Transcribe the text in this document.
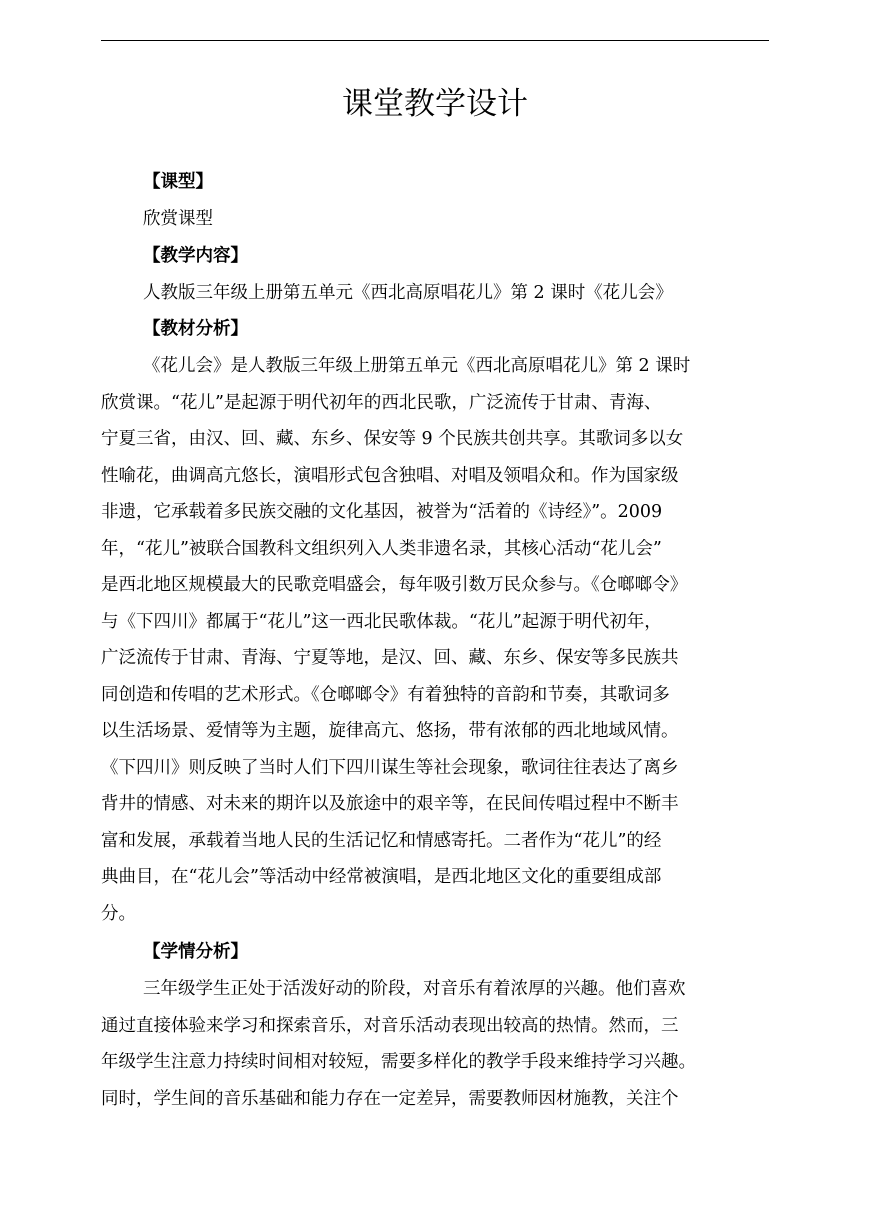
课堂教学设计
【课型】
欣赏课型
【教学内容】
人教版三年级上册第五单元《西北高原唱花儿》第 2 课时《花儿会》
【教材分析】
《花儿会》是人教版三年级上册第五单元《西北高原唱花儿》第 2 课时
欣赏课。“花儿”是起源于明代初年的西北民歌，广泛流传于甘肃、青海、
宁夏三省，由汉、回、藏、东乡、保安等 9 个民族共创共享。其歌词多以女
性喻花，曲调高亢悠长，演唱形式包含独唱、对唱及领唱众和。作为国家级
非遗，它承载着多民族交融的文化基因，被誉为“活着的《诗经》”。2009
年，“花儿”被联合国教科文组织列入人类非遗名录，其核心活动“花儿会”
是西北地区规模最大的民歌竞唱盛会，每年吸引数万民众参与。《仓啷啷令》
与《下四川》都属于“花儿”这一西北民歌体裁。“花儿”起源于明代初年，
广泛流传于甘肃、青海、宁夏等地，是汉、回、藏、东乡、保安等多民族共
同创造和传唱的艺术形式。《仓啷啷令》有着独特的音韵和节奏，其歌词多
以生活场景、爱情等为主题，旋律高亢、悠扬，带有浓郁的西北地域风情。
《下四川》则反映了当时人们下四川谋生等社会现象，歌词往往表达了离乡
背井的情感、对未来的期许以及旅途中的艰辛等，在民间传唱过程中不断丰
富和发展，承载着当地人民的生活记忆和情感寄托。二者作为“花儿”的经
典曲目，在“花儿会”等活动中经常被演唱，是西北地区文化的重要组成部
分。
【学情分析】
三年级学生正处于活泼好动的阶段，对音乐有着浓厚的兴趣。他们喜欢
通过直接体验来学习和探索音乐，对音乐活动表现出较高的热情。然而，三
年级学生注意力持续时间相对较短，需要多样化的教学手段来维持学习兴趣。
同时，学生间的音乐基础和能力存在一定差异，需要教师因材施教，关注个
